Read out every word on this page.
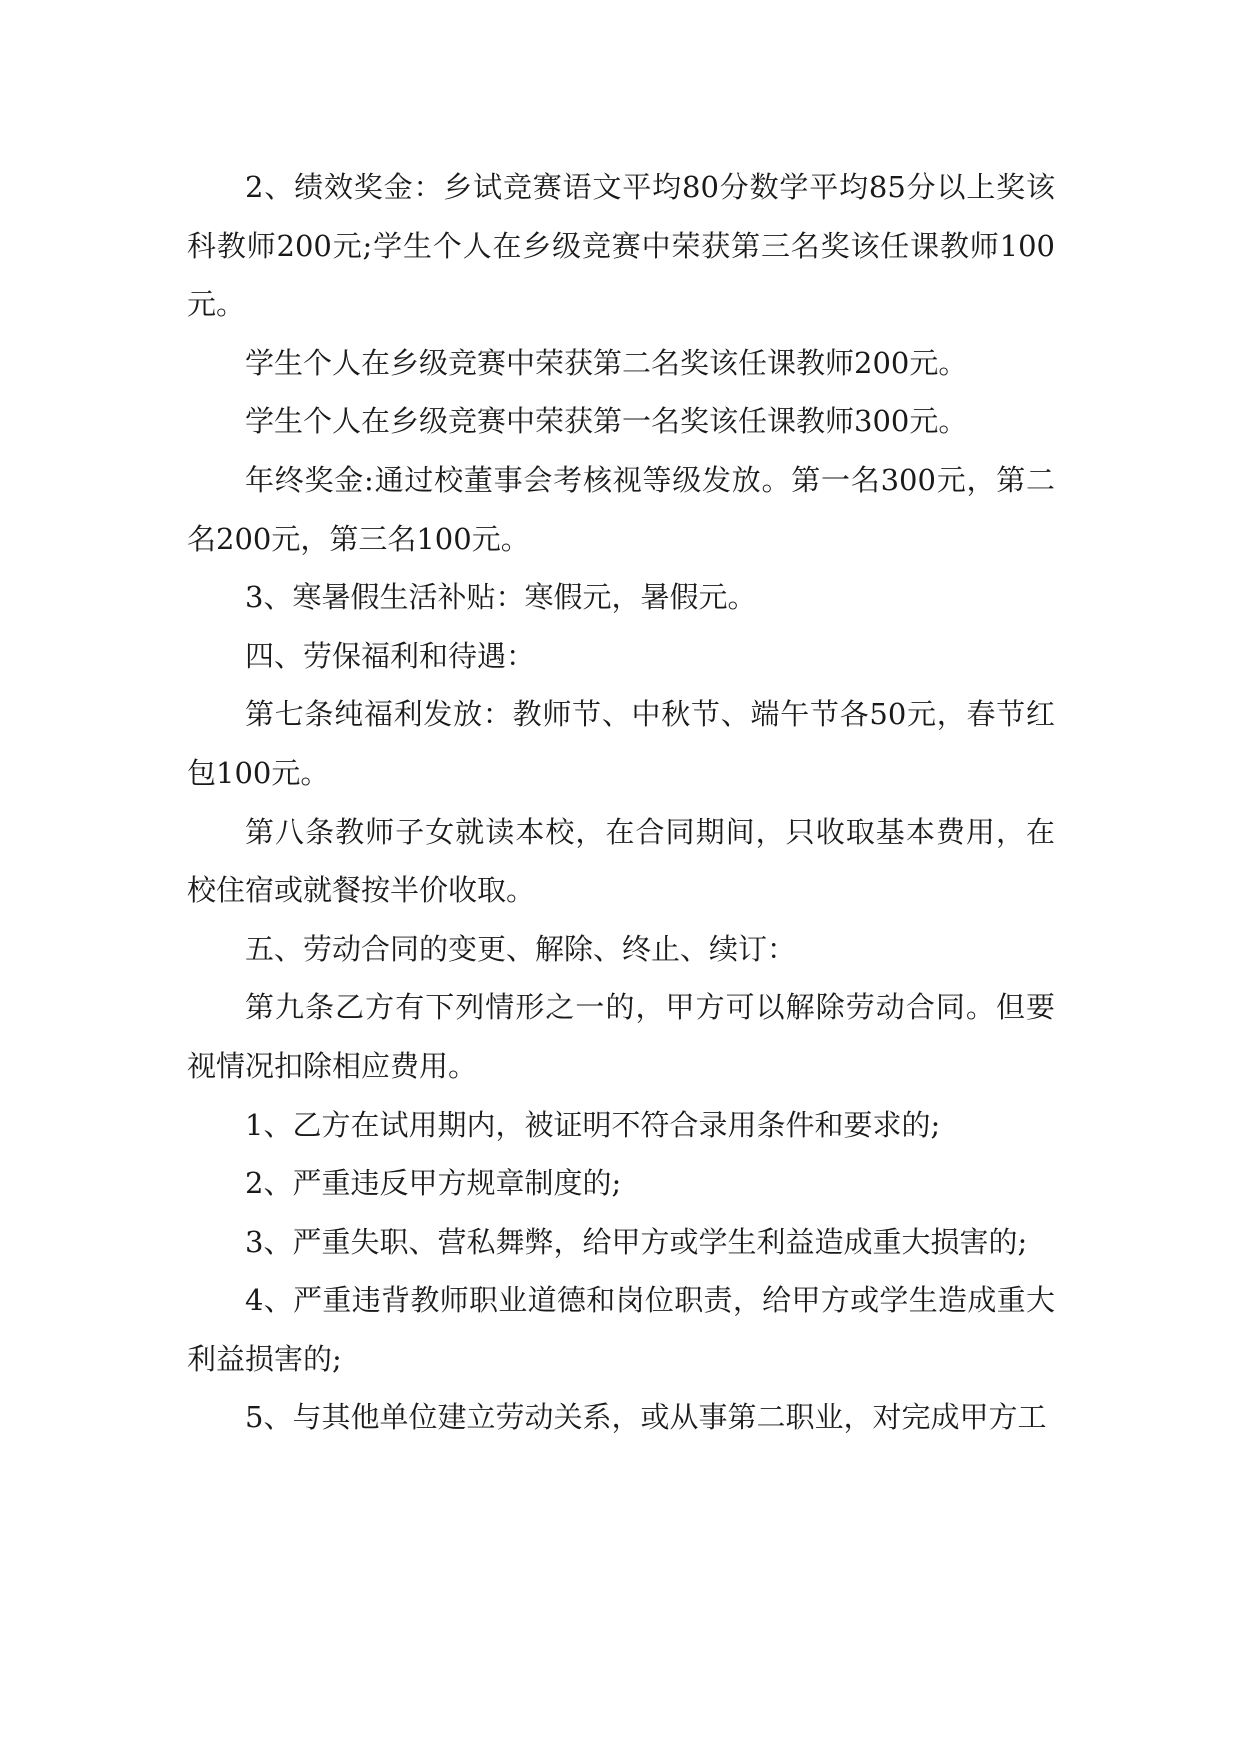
2、绩效奖金：乡试竞赛语文平均80分数学平均85分以上奖该科教师200元;学生个人在乡级竞赛中荣获第三名奖该任课教师100元。

学生个人在乡级竞赛中荣获第二名奖该任课教师200元。

学生个人在乡级竞赛中荣获第一名奖该任课教师300元。

年终奖金:通过校董事会考核视等级发放。第一名300元，第二名200元，第三名100元。

3、寒暑假生活补贴：寒假元，暑假元。

四、劳保福利和待遇：

第七条纯福利发放：教师节、中秋节、端午节各50元，春节红包100元。

第八条教师子女就读本校，在合同期间，只收取基本费用，在校住宿或就餐按半价收取。

五、劳动合同的变更、解除、终止、续订：

第九条乙方有下列情形之一的，甲方可以解除劳动合同。但要视情况扣除相应费用。

1、乙方在试用期内，被证明不符合录用条件和要求的;

2、严重违反甲方规章制度的;

3、严重失职、营私舞弊，给甲方或学生利益造成重大损害的;

4、严重违背教师职业道德和岗位职责，给甲方或学生造成重大利益损害的;

5、与其他单位建立劳动关系，或从事第二职业，对完成甲方工
